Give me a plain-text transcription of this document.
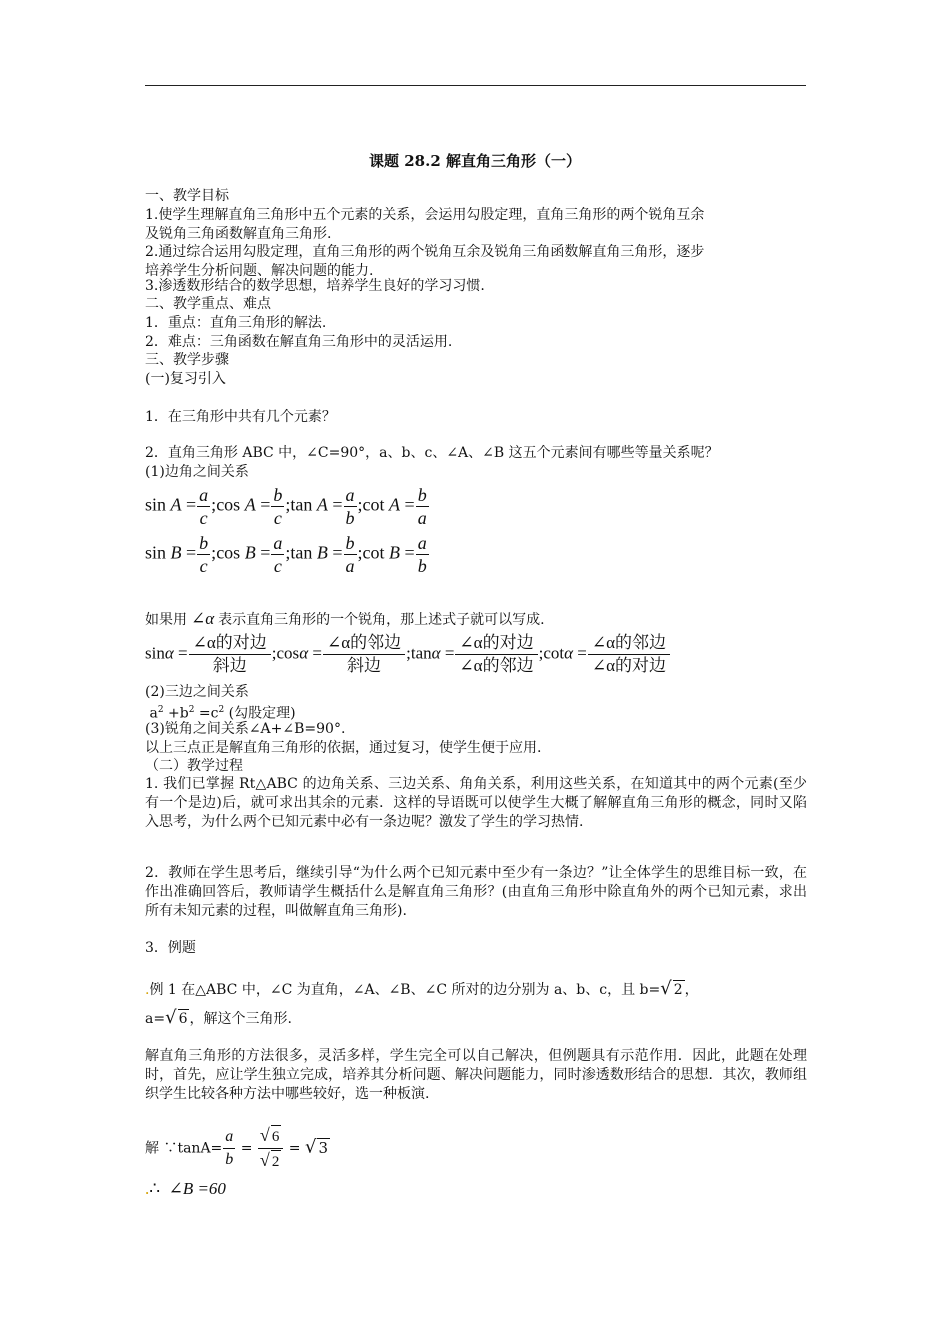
课题 28.2 解直角三角形（一）
一、教学目标
1.使学生理解直角三角形中五个元素的关系，会运用勾股定理，直角三角形的两个锐角互余
及锐角三角函数解直角三角形.
2.通过综合运用勾股定理，直角三角形的两个锐角互余及锐角三角函数解直角三角形，逐步
培养学生分析问题、解决问题的能力.
3.渗透数形结合的数学思想，培养学生良好的学习习惯.
二、教学重点、难点
1．重点：直角三角形的解法.
2．难点：三角函数在解直角三角形中的灵活运用.
三、教学步骤
(一)复习引入
1．在三角形中共有几个元素？
2．直角三角形 ABC 中，∠C=90°，a、b、c、∠A、∠B 这五个元素间有哪些等量关系呢？
(1)边角之间关系
$\sin A = \frac{a}{c}$ ;cos $A = \frac{b}{c}$ ;tan $A = \frac{a}{b}$ ;cot $A = \frac{b}{a}$
$\sin B = \frac{b}{c}$ ;cos $B = \frac{a}{c}$ ;tan $B = \frac{b}{a}$ ;cot $B = \frac{a}{b}$
如果用 ∠α 表示直角三角形的一个锐角，那上述式子就可以写成.
$\sin\alpha = \frac{\text{∠α的对边}}{\text{斜边}}$ ;cosα = $\frac{\text{∠α的邻边}}{\text{斜边}}$ ;tanα = $\frac{\text{∠α的对边}}{\text{∠α的邻边}}$ ;cotα = $\frac{\text{∠α的邻边}}{\text{∠α的对边}}$
(2)三边之间关系
$a^2 +b^2 =c^2$ (勾股定理)
(3)锐角之间关系∠A+∠B=90°.
以上三点正是解直角三角形的依据，通过复习，使学生便于应用.
（二）教学过程
1. 我们已掌握 Rt△ABC 的边角关系、三边关系、角角关系，利用这些关系，在知道其中的两个元素(至少有一个是边)后，就可求出其余的元素．这样的导语既可以使学生大概了解解直角三角形的概念，同时又陷入思考，为什么两个已知元素中必有一条边呢？激发了学生的学习热情.
2．教师在学生思考后，继续引导“为什么两个已知元素中至少有一条边？”让全体学生的思维目标一致，在作出准确回答后，教师请学生概括什么是解直角三角形？(由直角三角形中除直角外的两个已知元素，求出所有未知元素的过程，叫做解直角三角形).
3．例题
.例 1 在△ABC 中，∠C 为直角，∠A、∠B、∠C 所对的边分别为 a、b、c，且 b=√ 2 ，
a=√ 6 ，解这个三角形.
解直角三角形的方法很多，灵活多样，学生完全可以自己解决，但例题具有示范作用．因此，此题在处理时，首先，应让学生独立完成，培养其分析问题、解决问题能力，同时渗透数形结合的思想．其次，教师组织学生比较各种方法中哪些较好，选一种板演.
解 ∵tanA= $\frac{a}{b} = \frac{√ 6}{√ 2}$ = √ 3
.∴ ∠B =60
